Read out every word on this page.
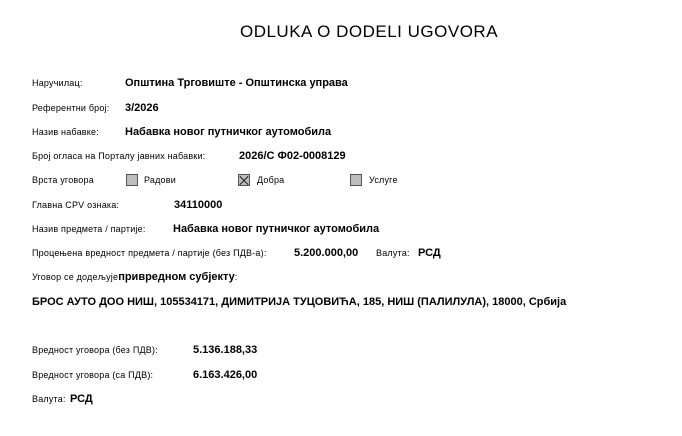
ODLUKA O DODELI UGOVORA
Наручилац:	Општина Трговиште - Општинска управа
Референтни број:	3/2026
Назив набавке:	Набавка новог путничког аутомобила
Број огласа на Порталу јавних набавки:	2026/С Ф02-0008129
Врста уговора	Радови	Добра	Услуге
Главна CPV ознака:	34110000
Назив предмета / партије:	Набавка новог путничког аутомобила
Процењена вредност предмета / партије (без ПДВ-а):	5.200.000,00	Валута: РСД
Уговор се додељује привредном субјекту :
БРОС АУТО ДОО НИШ, 105534171, ДИМИТРИЈА ТУЦОВИЋА, 185, НИШ (ПАЛИЛУЛА), 18000, Србија
Вредност уговора (без ПДВ):	5.136.188,33
Вредност уговора (са ПДВ):	6.163.426,00
Валута: РСД
